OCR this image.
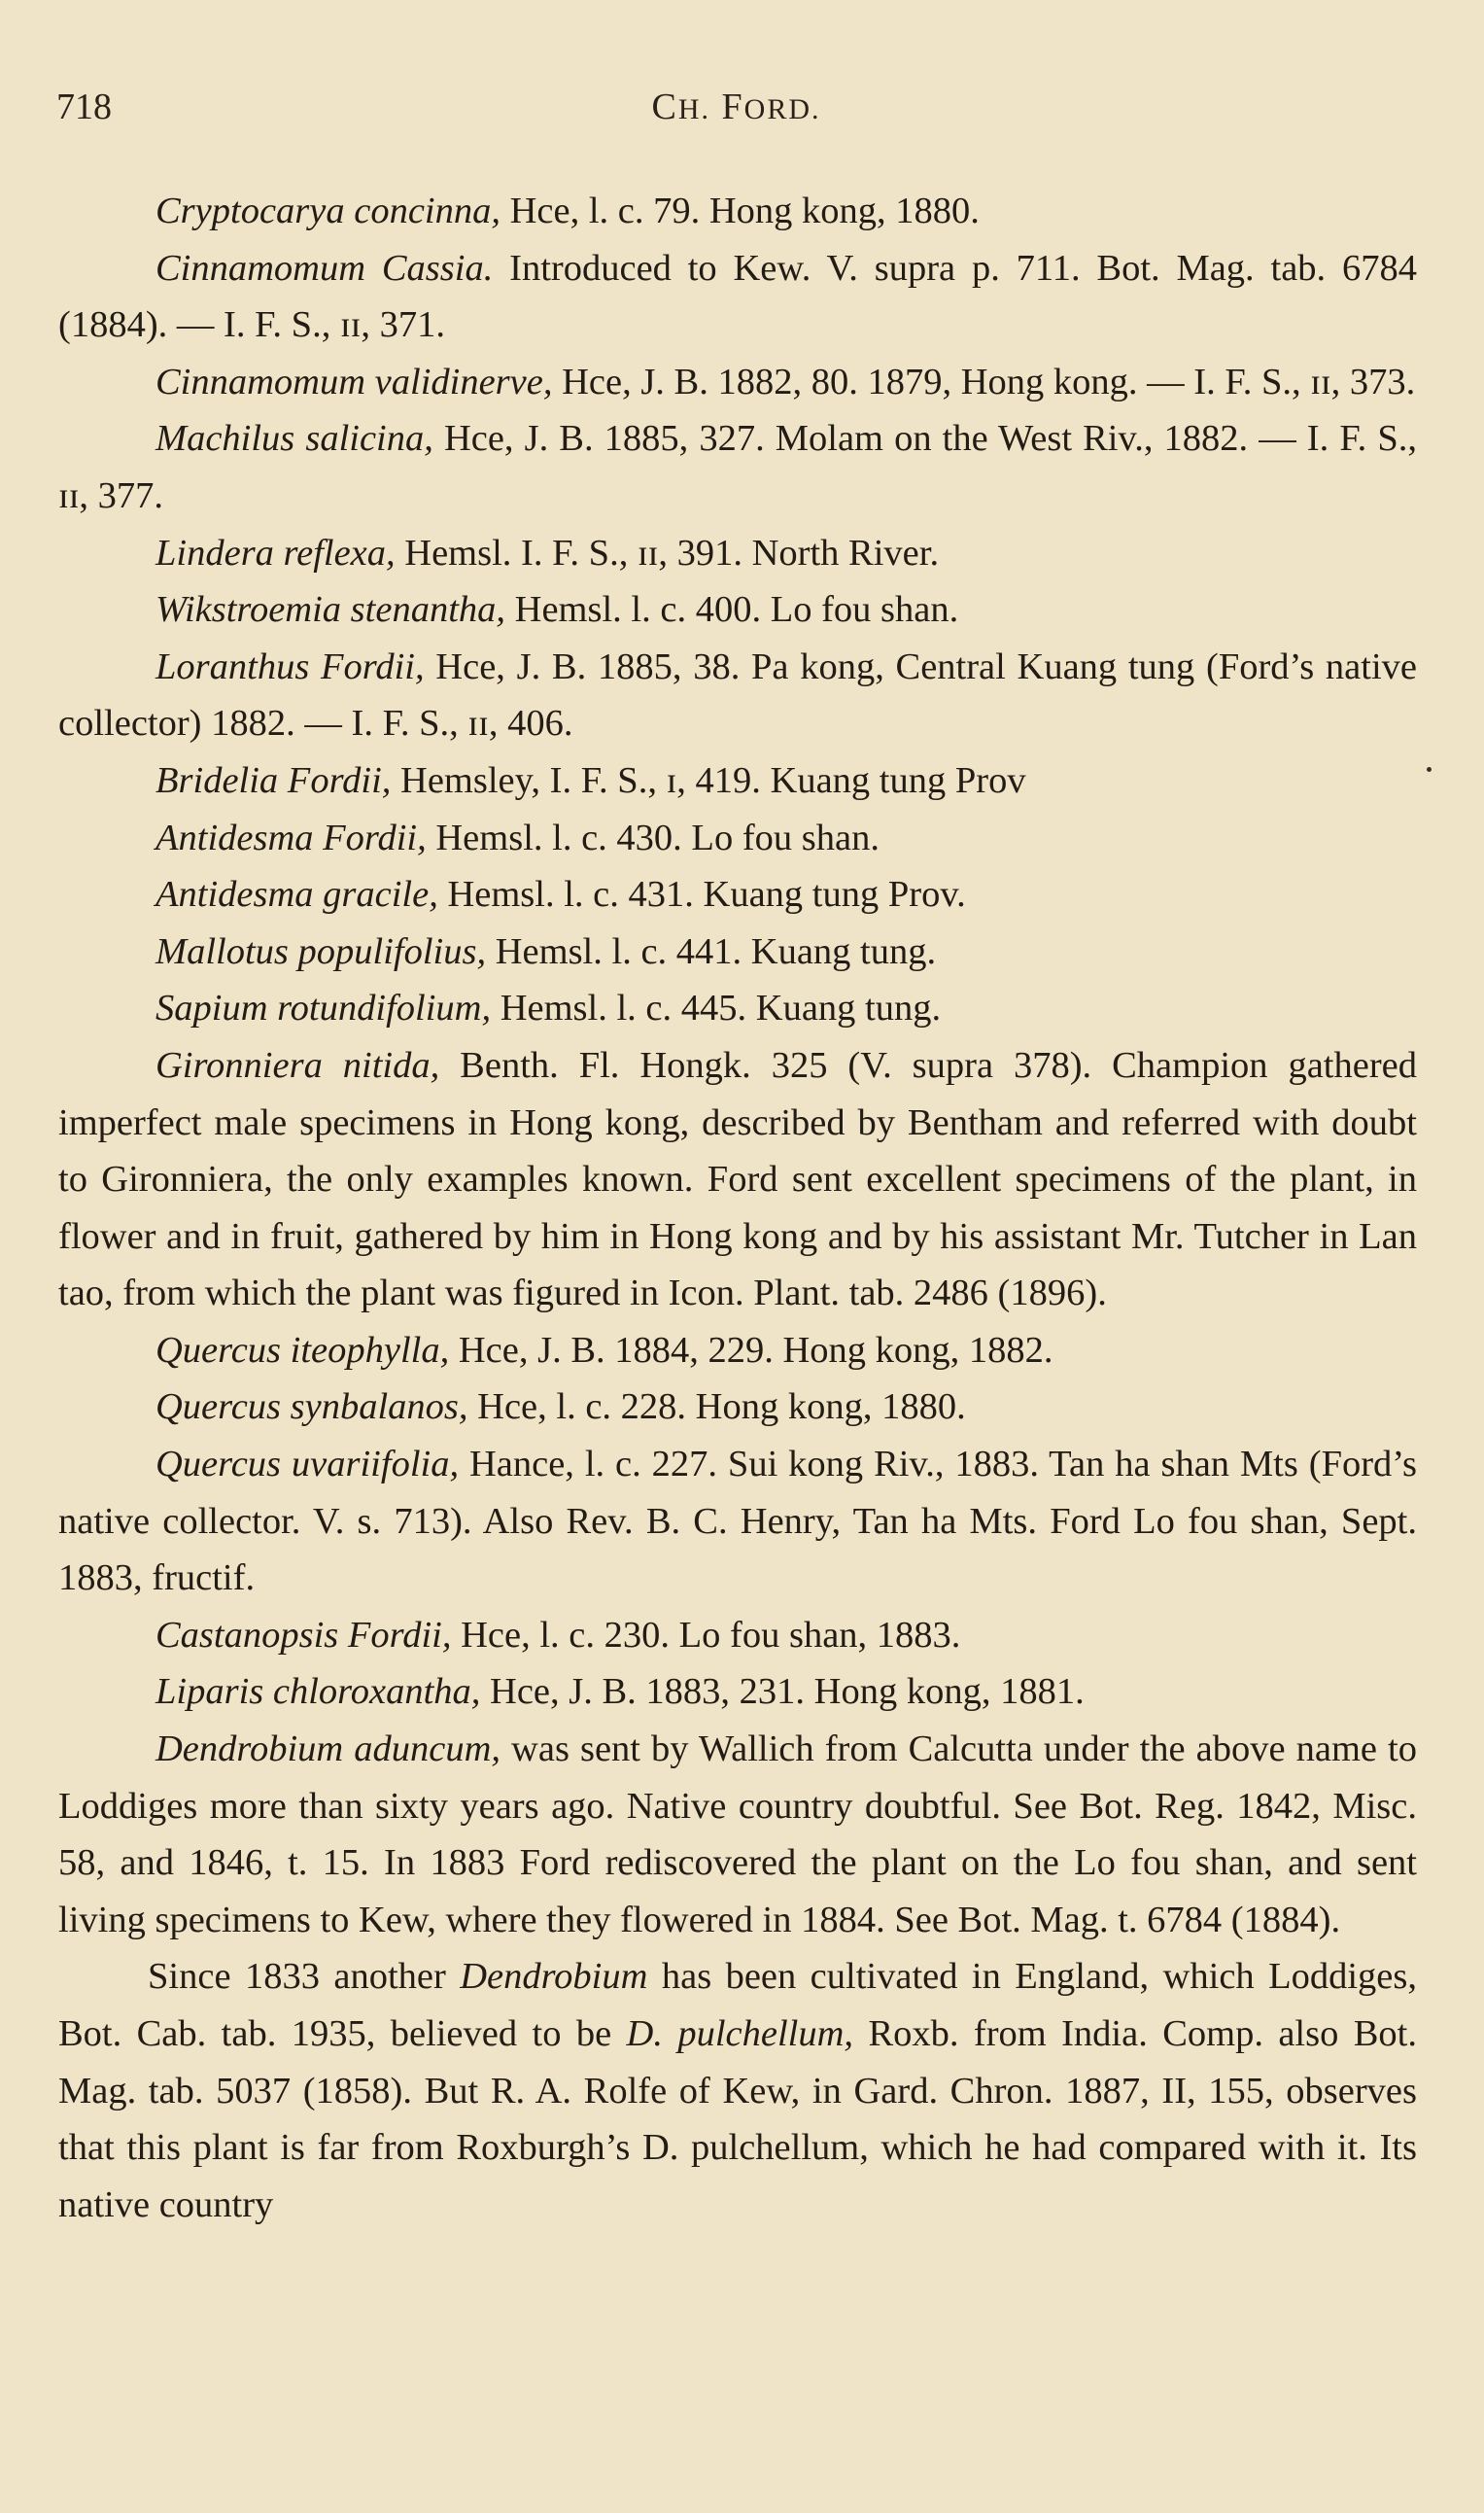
718	CH. FORD.

Cryptocarya concinna, Hce, l. c. 79. Hong kong, 1880.

Cinnamomum Cassia. Introduced to Kew. V. supra p. 711. Bot. Mag. tab. 6784 (1884). — I. F. S., ɪɪ, 371.

Cinnamomum validinerve, Hce, J. B. 1882, 80. 1879, Hong kong. — I. F. S., ɪɪ, 373.

Machilus salicina, Hce, J. B. 1885, 327. Molam on the West Riv., 1882. — I. F. S., ɪɪ, 377.

Lindera reflexa, Hemsl. I. F. S., ɪɪ, 391. North River.

Wikstroemia stenantha, Hemsl. l. c. 400. Lo fou shan.

Loranthus Fordii, Hce, J. B. 1885, 38. Pa kong, Central Kuang tung (Ford’s native collector) 1882. — I. F. S., ɪɪ, 406.

Bridelia Fordii, Hemsley, I. F. S., ɪ, 419. Kuang tung Prov

Antidesma Fordii, Hemsl. l. c. 430. Lo fou shan.

Antidesma gracile, Hemsl. l. c. 431. Kuang tung Prov.

Mallotus populifolius, Hemsl. l. c. 441. Kuang tung.

Sapium rotundifolium, Hemsl. l. c. 445. Kuang tung.

Gironniera nitida, Benth. Fl. Hongk. 325 (V. supra 378). Champion gathered imperfect male specimens in Hong kong, described by Bentham and referred with doubt to Gironniera, the only examples known. Ford sent excellent specimens of the plant, in flower and in fruit, gathered by him in Hong kong and by his assistant Mr. Tutcher in Lan tao, from which the plant was figured in Icon. Plant. tab. 2486 (1896).

Quercus iteophylla, Hce, J. B. 1884, 229. Hong kong, 1882.

Quercus synbalanos, Hce, l. c. 228. Hong kong, 1880.

Quercus uvariifolia, Hance, l. c. 227. Sui kong Riv., 1883. Tan ha shan Mts (Ford’s native collector. V. s. 713). Also Rev. B. C. Henry, Tan ha Mts. Ford Lo fou shan, Sept. 1883, fructif.

Castanopsis Fordii, Hce, l. c. 230. Lo fou shan, 1883.

Liparis chloroxantha, Hce, J. B. 1883, 231. Hong kong, 1881.

Dendrobium aduncum, was sent by Wallich from Calcutta under the above name to Loddiges more than sixty years ago. Native country doubtful. See Bot. Reg. 1842, Misc. 58, and 1846, t. 15. In 1883 Ford rediscovered the plant on the Lo fou shan, and sent living specimens to Kew, where they flowered in 1884. See Bot. Mag. t. 6784 (1884).

Since 1833 another Dendrobium has been cultivated in England, which Loddiges, Bot. Cab. tab. 1935, believed to be D. pulchellum, Roxb. from India. Comp. also Bot. Mag. tab. 5037 (1858). But R. A. Rolfe of Kew, in Gard. Chron. 1887, II, 155, observes that this plant is far from Roxburgh’s D. pulchellum, which he had compared with it. Its native country
